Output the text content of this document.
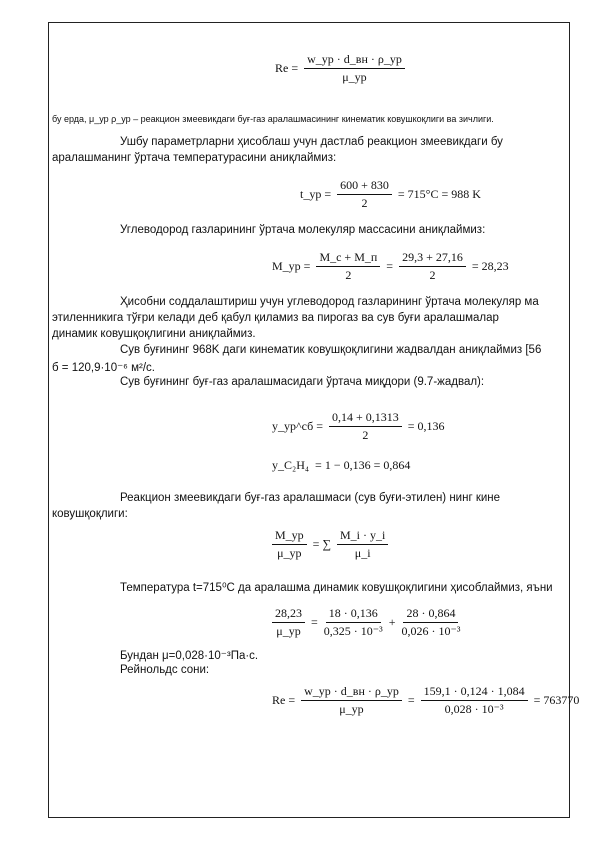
$Re = \frac{w\_ур \cdot d\_вн \cdot \rho\_ур}{\mu\_ур}$
бу ерда, μ_ур ρ_ур – реакцион змеевикдаги буғ-газ аралашмасининг кинематик ковушкоқлиги ва зичлиги.
Ушбу параметрларни ҳисоблаш учун дастлаб реакцион змеевикдаги бу
аралашманинг ўртача температурасини аниқлаймиз:
t_ур = $\frac{600 + 830}{2} = 715^\circ C = 988$ K
Углеводород газларининг ўртача молекуляр массасини аниқлаймиз:
M_ур = $\frac{M\_c + M\_п}{2} = \frac{29,3 + 27,16}{2} = 28,23$
Ҳисобни соддалаштириш учун углеводород газларининг ўртача молекуляр ма
этиленникига тўғри келади деб қабул қиламиз ва пирогаз ва сув буғи аралашмалар
динамик ковушқоқлигини аниқлаймиз.
Сув буғининг 968K даги кинематик ковушқоқлигини жадвалдан аниқлаймиз [56
б = 120,9·10⁻⁶ м²/с.
Сув буғининг буғ-газ аралашмасидаги ўртача миқдори (9.7-жадвал):
y_ур^сб = $\frac{0,14 + 0,1313}{2} = 0,136$
y_C₂H₄ = 1 − 0,136 = 0,864
Реакцион змеевикдаги буғ-газ аралашмаси (сув буғи-этилен) нинг кине
ковушқоқлиги:
$\frac{M\_ур}{\mu\_ур}$ = ∑ $\frac{M\_i \cdot y\_i}{\mu\_i}$
Температура t=715⁰C да аралашма динамик ковушқоқлигини ҳисоблаймиз, яъни
$\frac{28,23}{\mu\_ур} = \frac{18 \cdot 0,136}{\text{0,325 · 10⁻³}} + \frac{28 \cdot 0,864}{\text{0,026 · 10⁻³}}$
Бундан μ=0,028·10⁻³Па·с.
Рейнольдс сони:
$Re = \frac{w\_ур \cdot d\_вн \cdot \rho\_ур}{\mu\_ур} = \frac{159,1 \cdot 0,124 \cdot 1,084}{\text{0,028 · 10⁻³}} = 763770$
